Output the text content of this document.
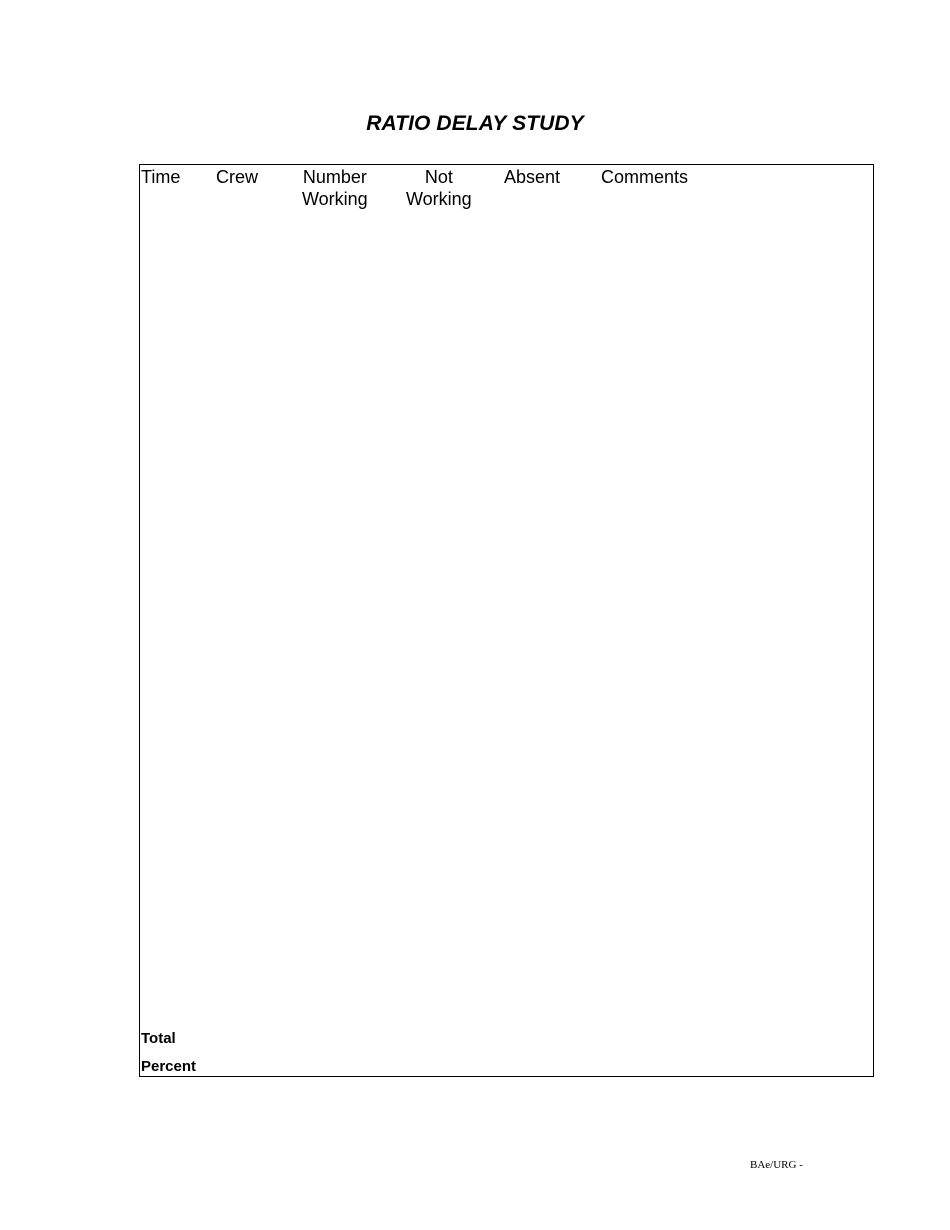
RATIO DELAY STUDY
Time Crew Number
Working
Not
Working
Absent Comments
Total
Percent
BAe/URG -
